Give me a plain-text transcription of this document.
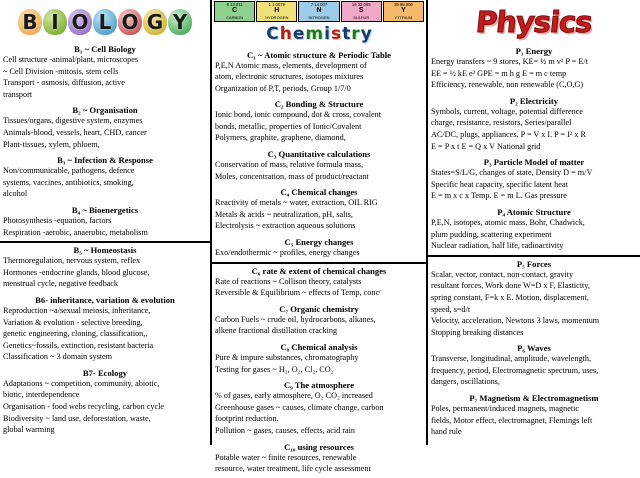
B I O L O G Y
B₁ ~ Cell Biology
Cell structure -animal/plant, microscopes
~ Cell Division -mitosis, stem cells
Transport - osmosis, diffusion, active
transport
B₂ ~ Organisation
Tissues/organs, digestive system, enzymes
Animals-blood, vessels, heart, CHD, cancer
Plant-tissues, xylem, phloem,
B₃ ~ Infection & Response
Non/communicable, pathogens, defence
systems, vaccines, antibiotics, smoking,
alcohol
B₄ ~ Bioenergetics
Photosynthesis -equation, factors
Respiration -aerobic, anaerobic, metabolism
B₅ ~ Homeostasis
Thermoregulation, nervous system, reflex
Hormones -endocrine glands, blood glucose,
menstrual cycle, negative feedback
B6- inheritance, variation & evolution
Reproduction ~a/sexual meiosis, inheritance,
Variation & evolution - selective breeding,
genetic engineering, cloning, classification,,
Genetics~fossils, extinction, resistant bacteria
Classification ~ 3 domain system
B7- Ecology
Adaptations ~ competition, community, abiotic,
biotic, interdependence
Organisation - food webs recycling, carbon cycle
Biodiversity ~ land use, deforestation, waste,
global warming
6 12.011
C
CARBON
1 1.0079
H
HYDROGEN
7 14.007
N
NITROGEN
16 32.065
S
SULFUR
39 88.906
Y
YTTRIUM
C h e m i s t r y
C₁ ~ Atomic structure & Periodic Table
P,E,N Atomic mass, elements, development of
atom, electronic structures, isotopes mixtures
Organization of P,T, periods, Group 1/7/0
C₂ Bonding & Structure
Ionic bond, ionic compound, dot & cross, covalent
bonds, metallic, properties of Ionic/Covalent
Polymers, graphite, graphene, diamond,
C₃ Quantitative calculations
Conservation of mass, relative formula mass,
Moles, concentration, mass of product/reactant
C₄ Chemical changes
Reactivity of metals ~ water, extraction, OIL RIG
Metals & acids ~ neutralization, pH, salts,
Electrolysis ~ extraction aqueous solutions
C₅ Energy changes
Exo/endothermic ~ profiles, energy changes
C₆ rate & extent of chemical changes
Rate of reactions ~ Collison theory, catalysts
Reversible & Equilibrium ~ effects of Temp, concʳ
C₇ Organic chemistry
Carbon Fuels ~ crude oil, hydrocarbons, alkanes,
alkene fractional distillation cracking
C₈ Chemical analysis
Pure & impure substances, chromatography
Testing for gases ~ H₂, O₂, Cl₂, CO₂
C₉ The atmosphere
% of gases, early atmosphere, O₂ CO₂ increased
Greenhouse gases ~ causes, climate change, carbon
footprint reduction.
Pollution ~ gases, causes, effects, acid rain
C₁₀ using resources
Potable water ~ finite resources, renewable
resource, water treatment, life cycle assessment
Physics
P₁ Energy
Energy transfers ~ 9 stores, KE= ½ m v² P = E/t
EE = ½ kE e² GPE = m h g E = m c temp
Efficiency, renewable, non renewable (C,O,G)
P₂ Electricity
Symbols, current, voltage, potential difference
charge, resistance, resistors, Series/parallel
AC/DC, plugs, appliances. P = V x I. P = I² x R
E = P x t E = Q x V National grid
P₃ Particle Model of matter
States=S/L/G, changes of state, Density D = m/V
Specific heat capacity, specific latent heat
E = m x c x Temp. E = m L. Gas pressure
P₄ Atomic Structure
P,E,N, isotopes, atomic mass, Bohr, Chadwick,
plum pudding, scattering experiment
Nuclear radiation, half life, radioactivity
P₅ Forces
Scalar, vector, contact, non-contact, gravity
resultant forces, Work done W=D x F, Elasticity,
spring constant, F=k x E. Motion, displacement,
speed, s=d/t
Velocity, acceleration, Newtons 3 laws, momentum
Stopping breaking distances
P₆ Waves
Transverse, longitudinal, amplitude, wavelength,
frequency, period, Electromagnetic spectrum, uses,
dangers, oscillations,
P₇ Magnetism & Electromagnetism
Poles, permanent/induced magnets, magnetic
fields, Motor effect, electromagnet, Flemings left
hand rule
